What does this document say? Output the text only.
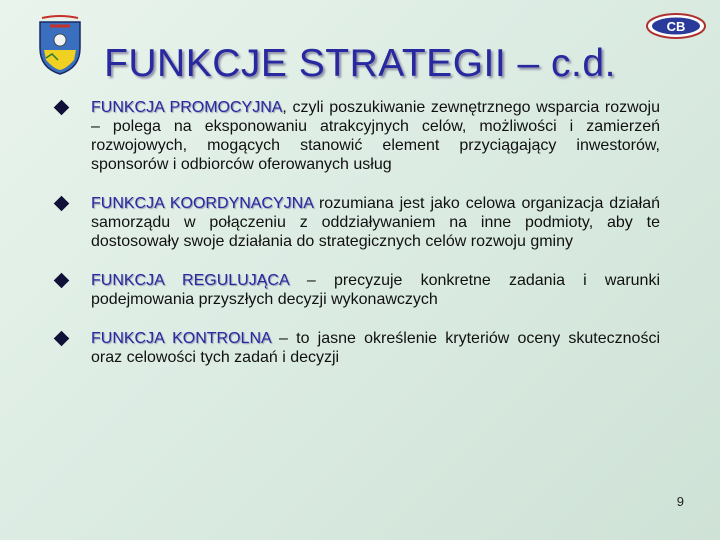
CB
FUNKCJE STRATEGII – c.d.
FUNKCJA PROMOCYJNA, czyli poszukiwanie zewnętrznego wsparcia rozwoju – polega na eksponowaniu atrakcyjnych celów, możliwości i zamierzeń rozwojowych, mogących stanowić element przyciągający inwestorów, sponsorów i odbiorców oferowanych usług
FUNKCJA KOORDYNACYJNA rozumiana jest jako celowa organizacja działań samorządu w połączeniu z oddziaływaniem na inne podmioty, aby te dostosowały swoje działania do strategicznych celów rozwoju gminy
FUNKCJA REGULUJĄCA – precyzuje konkretne zadania i warunki podejmowania przyszłych decyzji wykonawczych
FUNKCJA KONTROLNA – to jasne określenie kryteriów oceny skuteczności oraz celowości tych zadań i decyzji
9
